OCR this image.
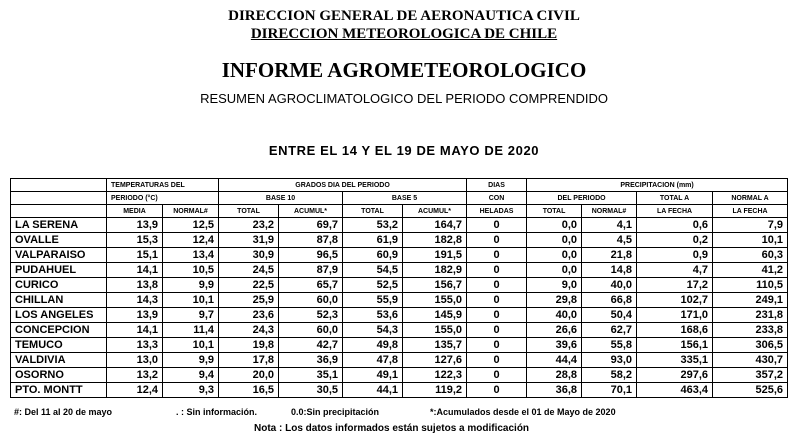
DIRECCION GENERAL DE AERONAUTICA CIVIL
DIRECCION METEOROLOGICA DE CHILE
INFORME AGROMETEOROLOGICO
RESUMEN AGROCLIMATOLOGICO DEL PERIODO COMPRENDIDO
ENTRE EL 14 Y EL 19 DE MAYO DE 2020
	TEMPERATURAS DEL		GRADOS DIA DEL PERIODO				DIAS	PRECIPITACION (mm)			
	PERIODO (°C)		BASE 10		BASE 5		CON	DEL PERIODO		TOTAL A	NORMAL A
	MEDIA	NORMAL#	TOTAL	ACUMUL*	TOTAL	ACUMUL*	HELADAS	TOTAL	NORMAL#	LA FECHA	LA FECHA
LA SERENA	13,9	12,5	23,2	69,7	53,2	164,7	0	0,0	4,1	0,6	7,9
OVALLE	15,3	12,4	31,9	87,8	61,9	182,8	0	0,0	4,5	0,2	10,1
VALPARAISO	15,1	13,4	30,9	96,5	60,9	191,5	0	0,0	21,8	0,9	60,3
PUDAHUEL	14,1	10,5	24,5	87,9	54,5	182,9	0	0,0	14,8	4,7	41,2
CURICO	13,8	9,9	22,5	65,7	52,5	156,7	0	9,0	40,0	17,2	110,5
CHILLAN	14,3	10,1	25,9	60,0	55,9	155,0	0	29,8	66,8	102,7	249,1
LOS ANGELES	13,9	9,7	23,6	52,3	53,6	145,9	0	40,0	50,4	171,0	231,8
CONCEPCION	14,1	11,4	24,3	60,0	54,3	155,0	0	26,6	62,7	168,6	233,8
TEMUCO	13,3	10,1	19,8	42,7	49,8	135,7	0	39,6	55,8	156,1	306,5
VALDIVIA	13,0	9,9	17,8	36,9	47,8	127,6	0	44,4	93,0	335,1	430,7
OSORNO	13,2	9,4	20,0	35,1	49,1	122,3	0	28,8	58,2	297,6	357,2
PTO. MONTT	12,4	9,3	16,5	30,5	44,1	119,2	0	36,8	70,1	463,4	525,6
#: Del 11 al 20 de mayo	. : Sin información.	0.0:Sin precipitación	*:Acumulados desde el 01 de Mayo de 2020
Nota : Los datos informados están sujetos a modificación
